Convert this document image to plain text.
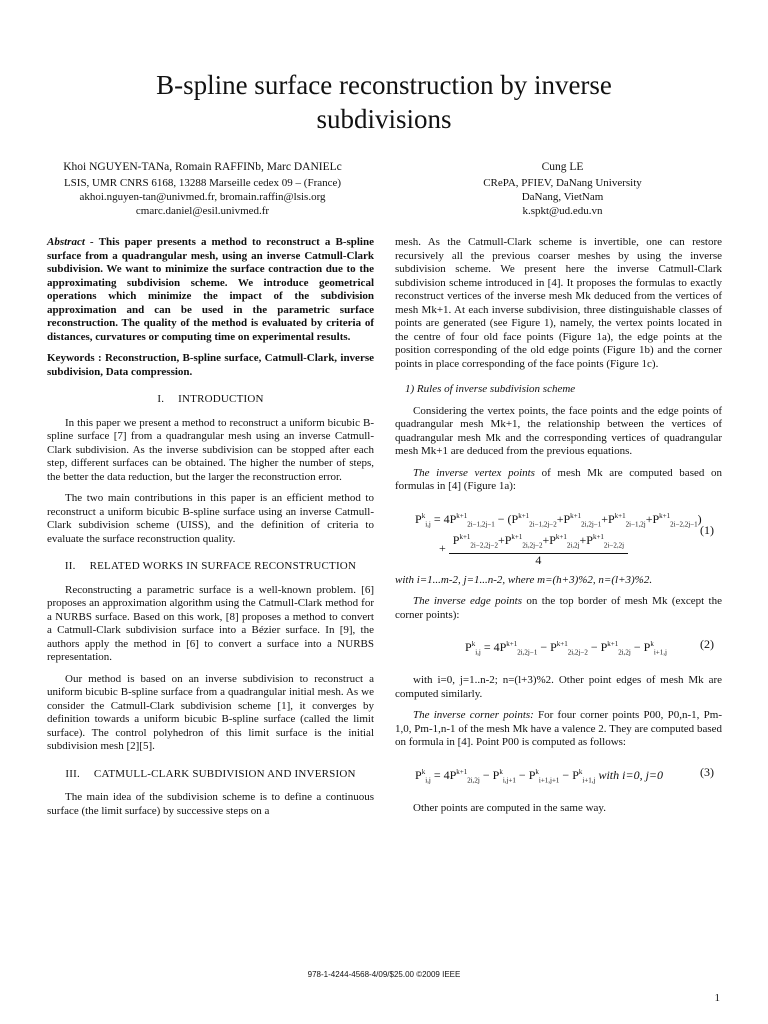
B-spline surface reconstruction by inverse
subdivisions
Khoi NGUYEN-TANa, Romain RAFFINb, Marc DANIELc
LSIS, UMR CNRS 6168, 13288 Marseille cedex 09 – (France)
akhoi.nguyen-tan@univmed.fr, bromain.raffin@lsis.org
cmarc.daniel@esil.univmed.fr
Cung LE
CRePA, PFIEV, DaNang University
DaNang, VietNam
k.spkt@ud.edu.vn

Abstract - This paper presents a method to reconstruct a B-spline surface from a quadrangular mesh, using an inverse Catmull-Clark subdivision. We want to minimize the surface contraction due to the approximating subdivision scheme. We introduce geometrical operations which minimize the impact of the subdivision approximation and can be used in the parametric surface reconstruction. The quality of the method is evaluated by criteria of distances, curvatures or computing time on experimental results.

Keywords : Reconstruction, B-spline surface, Catmull-Clark, inverse subdivision, Data compression.

I. INTRODUCTION

In this paper we present a method to reconstruct a uniform bicubic B-spline surface [7] from a quadrangular mesh using an inverse Catmull-Clark subdivision. As the inverse subdivision can be stopped after each step, different surfaces can be obtained. The higher the number of steps, the better the data reduction, but the larger the reconstruction error.

The two main contributions in this paper is an efficient method to reconstruct a uniform bicubic B-spline surface using an inverse Catmull-Clark subdivision scheme (UISS), and the definition of criteria to evaluate the surface reconstruction quality.

II. RELATED WORKS IN SURFACE RECONSTRUCTION

Reconstructing a parametric surface is a well-known problem. [6] proposes an approximation algorithm using the Catmull-Clark method for a NURBS surface. Based on this work, [8] proposes a method to convert a Catmull-Clark subdivision surface into a Bézier surface. In [9], the authors apply the method in [6] to convert a surface into a NURBS representation.

Our method is based on an inverse subdivision to reconstruct a uniform bicubic B-spline surface from a quadrangular initial mesh. As we consider the Catmull-Clark subdivision scheme [1], it converges by definition towards a uniform bicubic B-spline surface (called the limit surface). The control polyhedron of this limit surface is the initial subdivision mesh [2][5].

III. CATMULL-CLARK SUBDIVISION AND INVERSION

The main idea of the subdivision scheme is to define a continuous surface (the limit surface) by successive steps on a

mesh. As the Catmull-Clark scheme is invertible, one can restore recursively all the previous coarser meshes by using the inverse subdivision scheme. We present here the inverse Catmull-Clark subdivision scheme introduced in [4]. It proposes the formulas to exactly reconstruct vertices of the inverse mesh Mk deduced from the vertices of mesh Mk+1. At each inverse subdivision, three distinguishable classes of points are generated (see Figure 1), namely, the vertex points located in the centre of four old face points (Figure 1a), the edge points at the position corresponding of the old edge points (Figure 1b) and the corner points in place corresponding of the face points (Figure 1c).

1) Rules of inverse subdivision scheme

Considering the vertex points, the face points and the edge points of quadrangular mesh Mk+1, the relationship between the vertices of quadrangular mesh Mk and the corresponding vertices of quadrangular mesh Mk+1 are deduced from the previous equations.

The inverse vertex points of mesh Mk are computed based on formulas in [4] (Figure 1a):

$P^k_{i,j} = 4P^{k+1}_{2i-1,2j-1} - (P^{k+1}_{2i-1,2j-2}+P^{k+1}_{2i,2j-1}+P^{k+1}_{2i-1,2j}+P^{k+1}_{2i-2,2j-1})$
+ $\frac{P^{k+1}_{2i-2,2j-2}+P^{k+1}_{2i,2j-2}+P^{k+1}_{2i,2j}+P^{k+1}_{2i-2,2j}}{4}$
(1)

with i=1...m-2, j=1...n-2, where m=(h+3)%2, n=(l+3)%2.

The inverse edge points on the top border of mesh Mk (except the corner points):

$P^k_{i,j} = 4P^{k+1}_{2i,2j-1} - P^{k+1}_{2i,2j-2} - P^{k+1}_{2i,2j} - P^k_{i+1,j}$
(2)

with i=0, j=1..n-2; n=(l+3)%2. Other point edges of mesh Mk are computed similarly.

The inverse corner points: For four corner points P00, P0,n-1, Pm-1,0, Pm-1,n-1 of the mesh Mk have a valence 2. They are computed based on formula in [4]. Point P00 is computed as follows:

$P^k_{i,j} = 4P^{k+1}_{2i,2j} - P^k_{i,j+1} - P^k_{i+1,j+1} - P^k_{i+1,j}$ with i=0, j=0	(3)

Other points are computed in the same way.

978-1-4244-4568-4/09/$25.00 ©2009 IEEE
1
